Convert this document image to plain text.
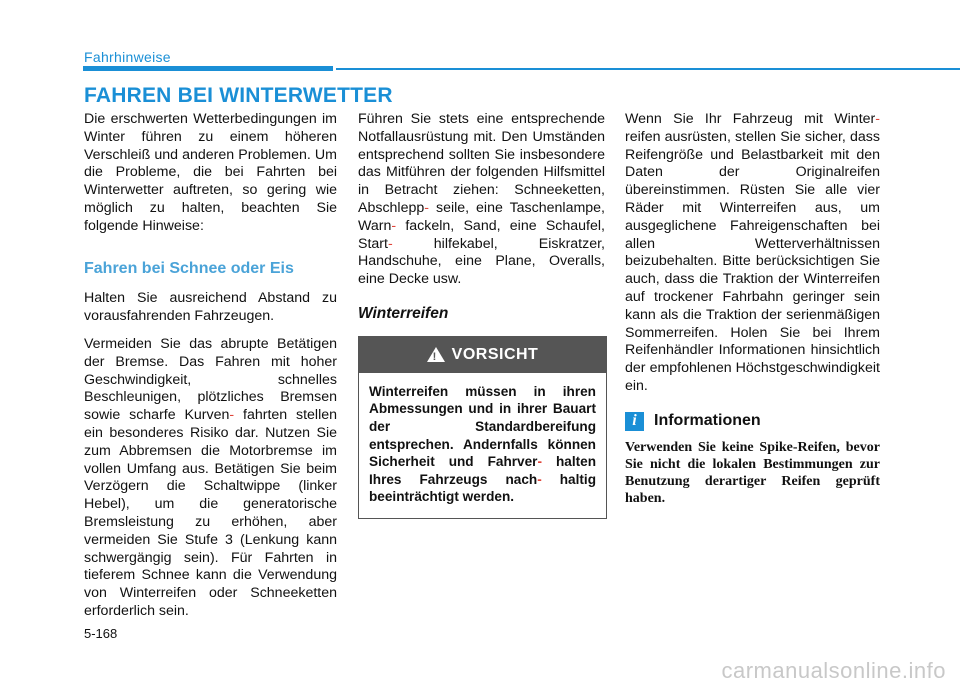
Fahrhinweise
FAHREN BEI WINTERWETTER

Die erschwerten Wetterbedingungen im Winter führen zu einem höheren Verschleiß und anderen Problemen. Um die Probleme, die bei Fahrten bei Winterwetter auftreten, so gering wie möglich zu halten, beachten Sie folgende Hinweise:

Fahren bei Schnee oder Eis

Halten Sie ausreichend Abstand zu vorausfahrenden Fahrzeugen.

Vermeiden Sie das abrupte Betätigen der Bremse. Das Fahren mit hoher Geschwindigkeit, schnelles Beschleunigen, plötzliches Bremsen sowie scharfe Kurven- fahrten stellen ein besonderes Risiko dar. Nutzen Sie zum Abbremsen die Motorbremse im vollen Umfang aus. Betätigen Sie beim Verzögern die Schaltwippe (linker Hebel), um die generatorische Bremsleistung zu erhöhen, aber vermeiden Sie Stufe 3 (Lenkung kann schwergängig sein). Für Fahrten in tieferem Schnee kann die Verwendung von Winterreifen oder Schneeketten erforderlich sein.

Führen Sie stets eine entsprechende Notfallausrüstung mit. Den Umständen entsprechend sollten Sie insbesondere das Mitführen der folgenden Hilfsmittel in Betracht ziehen: Schneeketten, Abschlepp- seile, eine Taschenlampe, Warn- fackeln, Sand, eine Schaufel, Start-	hilfekabel, Eiskratzer, Handschuhe, eine Plane, Overalls, eine Decke usw.

Winterreifen
!
VORSICHT
Winterreifen müssen in ihren Abmessungen und in ihrer Bauart der Standardbereifung entsprechen. Andernfalls können Sicherheit und Fahrver- halten Ihres Fahrzeugs nach- haltig beeinträchtigt werden.

Wenn Sie Ihr Fahrzeug mit Winter- reifen ausrüsten, stellen Sie sicher, dass Reifengröße und Belastbarkeit mit den Daten der Originalreifen übereinstimmen. Rüsten Sie alle vier Räder mit Winterreifen aus, um ausgeglichene Fahreigenschaften bei allen Wetterverhältnissen beizubehalten. Bitte berücksichtigen Sie auch, dass die Traktion der Winterreifen auf trockener Fahrbahn geringer sein kann als die Traktion der serienmäßigen Sommerreifen. Holen Sie bei Ihrem Reifenhändler Informationen hinsichtlich der empfohlenen Höchstgeschwindigkeit ein.

i	Informationen

Verwenden Sie keine Spike-Reifen, bevor Sie nicht die lokalen Bestimmungen zur Benutzung derartiger Reifen geprüft haben.

5-168
carmanualsonline.info
